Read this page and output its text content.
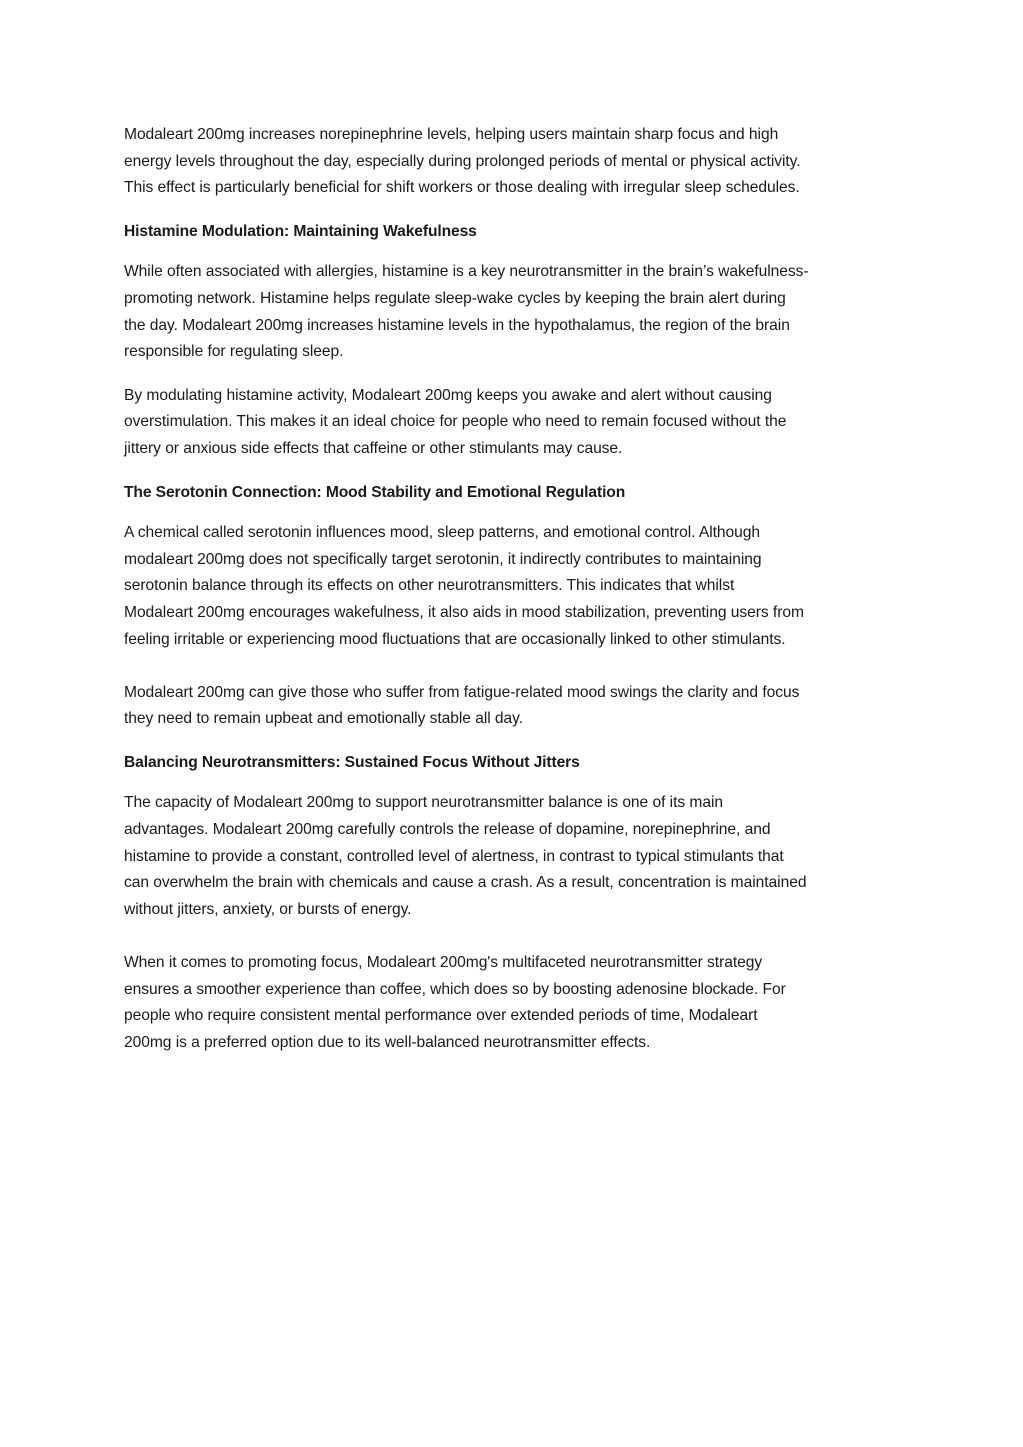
Modaleart 200mg increases norepinephrine levels, helping users maintain sharp focus and high
energy levels throughout the day, especially during prolonged periods of mental or physical activity.
This effect is particularly beneficial for shift workers or those dealing with irregular sleep schedules.

Histamine Modulation: Maintaining Wakefulness

While often associated with allergies, histamine is a key neurotransmitter in the brain’s wakefulness-
promoting network. Histamine helps regulate sleep-wake cycles by keeping the brain alert during
the day. Modaleart 200mg increases histamine levels in the hypothalamus, the region of the brain
responsible for regulating sleep.

By modulating histamine activity, Modaleart 200mg keeps you awake and alert without causing
overstimulation. This makes it an ideal choice for people who need to remain focused without the
jittery or anxious side effects that caffeine or other stimulants may cause.

The Serotonin Connection: Mood Stability and Emotional Regulation

A chemical called serotonin influences mood, sleep patterns, and emotional control. Although
modaleart 200mg does not specifically target serotonin, it indirectly contributes to maintaining
serotonin balance through its effects on other neurotransmitters. This indicates that whilst
Modaleart 200mg encourages wakefulness, it also aids in mood stabilization, preventing users from
feeling irritable or experiencing mood fluctuations that are occasionally linked to other stimulants.

Modaleart 200mg can give those who suffer from fatigue-related mood swings the clarity and focus
they need to remain upbeat and emotionally stable all day.

Balancing Neurotransmitters: Sustained Focus Without Jitters

The capacity of Modaleart 200mg to support neurotransmitter balance is one of its main
advantages. Modaleart 200mg carefully controls the release of dopamine, norepinephrine, and
histamine to provide a constant, controlled level of alertness, in contrast to typical stimulants that
can overwhelm the brain with chemicals and cause a crash. As a result, concentration is maintained
without jitters, anxiety, or bursts of energy.

When it comes to promoting focus, Modaleart 200mg's multifaceted neurotransmitter strategy
ensures a smoother experience than coffee, which does so by boosting adenosine blockade. For
people who require consistent mental performance over extended periods of time, Modaleart
200mg is a preferred option due to its well-balanced neurotransmitter effects.
